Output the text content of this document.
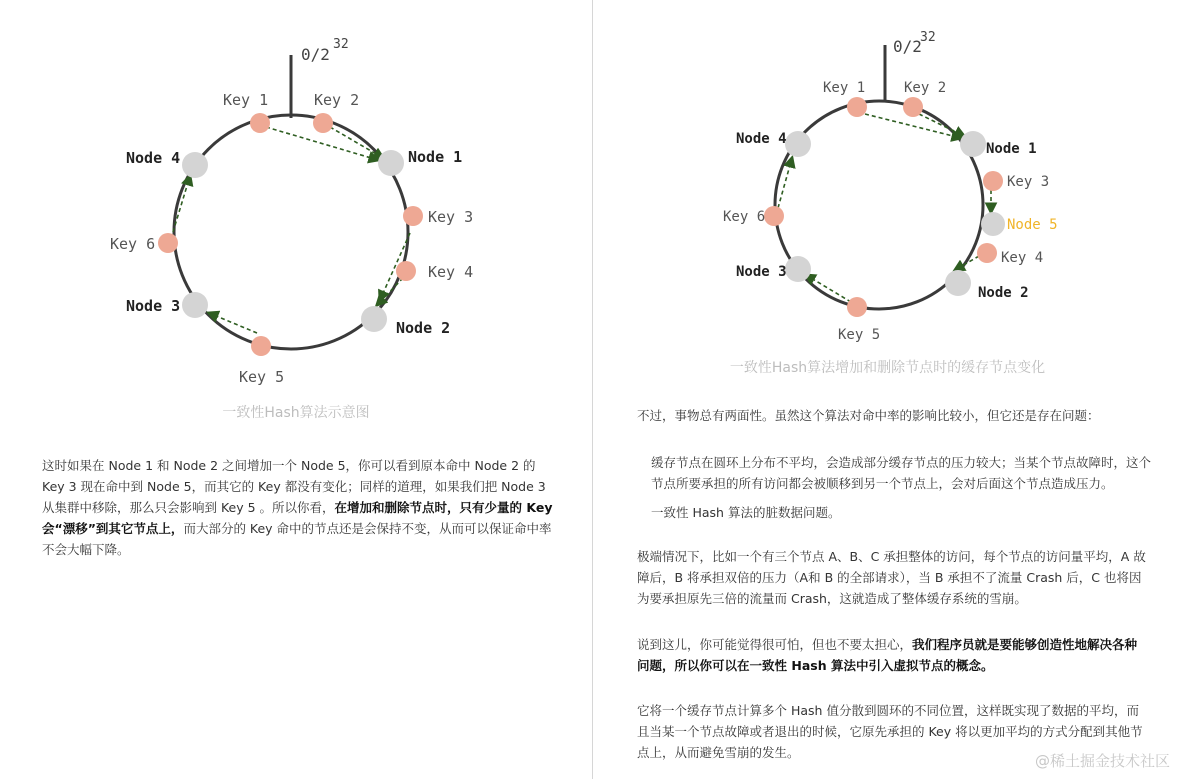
0/2
32
Node 1
Node 2
Node 3
Node 4
Key 1	Key 2
Key 3
Key 4
Key 5
Key 6
一致性Hash算法示意图
这时如果在 Node 1 和 Node 2 之间增加一个 Node 5，你可以看到原本命中 Node 2 的 Key 3 现在命中到 Node 5，而其它的 Key 都没有变化；同样的道理，如果我们把 Node 3 从集群中移除，那么只会影响到 Key 5 。所以你看，在增加和删除节点时，只有少量的 Key 会“漂移”到其它节点上，而大部分的 Key 命中的节点还是会保持不变，从而可以保证命中率不会大幅下降。
0/2
32
Node 1
Node 2
Node 3
Node 4
Node 5
Key 1	Key 2
Key 3
Key 4
Key 5
Key 6
一致性Hash算法增加和删除节点时的缓存节点变化
不过，事物总有两面性。虽然这个算法对命中率的影响比较小，但它还是存在问题：
缓存节点在圆环上分布不平均，会造成部分缓存节点的压力较大；当某个节点故障时，这个节点所要承担的所有访问都会被顺移到另一个节点上，会对后面这个节点造成压力。
一致性 Hash 算法的脏数据问题。
极端情况下，比如一个有三个节点 A、B、C 承担整体的访问，每个节点的访问量平均，A 故障后，B 将承担双倍的压力（A和 B 的全部请求），当 B 承担不了流量 Crash 后，C 也将因为要承担原先三倍的流量而 Crash，这就造成了整体缓存系统的雪崩。
说到这儿，你可能觉得很可怕，但也不要太担心，我们程序员就是要能够创造性地解决各种问题，所以你可以在一致性 Hash 算法中引入虚拟节点的概念。
它将一个缓存节点计算多个 Hash 值分散到圆环的不同位置，这样既实现了数据的平均，而且当某一个节点故障或者退出的时候，它原先承担的 Key 将以更加平均的方式分配到其他节点上，从而避免雪崩的发生。	@稀土掘金技术社区
